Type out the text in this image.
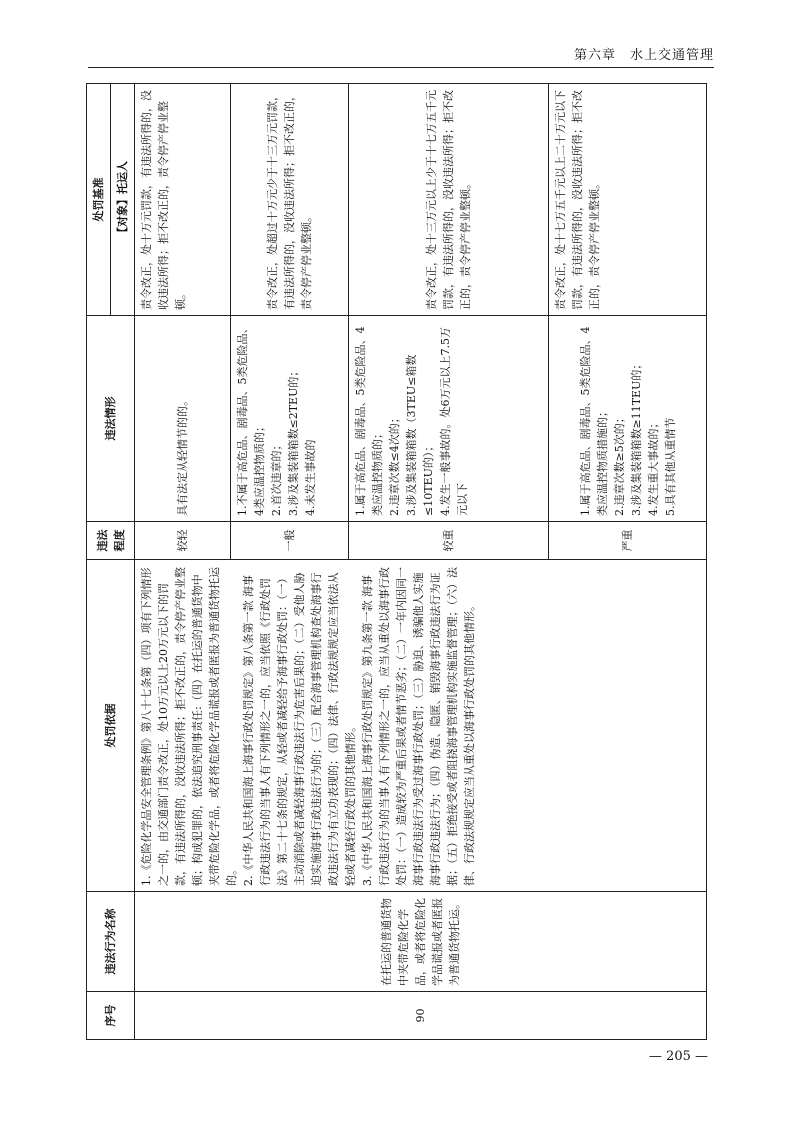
第六章　水上交通管理
序号	违法行为名称	处罚依据	违法程度	违法情形	处罚基准
					【对象】托运人
90	在托运的普通货物中夹带危险化学品，或者将危险化学品谎报或者匿报为普通货物托运。	1.《危险化学品安全管理条例》第八十七条第（四）项有下列情形之一的，由交通部门责令改正，处10万元以上20万元以下的罚款，有违法所得的，没收违法所得；拒不改正的，责令停产停业整顿；构成犯罪的，依法追究刑事责任:（四）在托运的普通货物中夹带危险化学品，或者将危险化学品谎报或者匿报为普通货物托运的。 2.《中华人民共和国海上海事行政处罚规定》第八条第一款 海事行政违法行为的当事人有下列情形之一的，应当依照《行政处罚法》第二十七条的规定，从轻或者减轻给予海事行政处罚：（一）主动消除或者减轻海事行政违法行为危害后果的；（二）受他人胁迫实施海事行政违法行为的；（三）配合海事管理机构查处海事行政违法行为有立功表现的；（四）法律、行政法规规定应当依法从轻或者减轻行政处罚的其他情形。 3.《中华人民共和国海上海事行政处罚规定》第九条第一款 海事行政违法行为的当事人有下列情形之一的，应当从重处以海事行政处罚：（一）造成较为严重后果或者情节恶劣；（二）一年内因同一海事行政违法行为受过海事行政处罚；（三）胁迫、诱骗他人实施海事行政违法行为；（四）伪造、隐匿、销毁海事行政违法行为证据；（五）拒绝接受或者阻挠海事管理机构实施监督管理；（六）法律、行政法规规定应当从重处以海事行政处罚的其他情形。	较轻	具有法定从轻情节的的。	责令改正，处十万元罚款，有违法所得的，没收违法所得；拒不改正的，责令停产停业整顿。
			一般	1.不属于高危品、剧毒品、5类危险品、4类应温控物质的； 2.首次违章的； 3.涉及集装箱箱数≤2TEU的； 4.未发生事故的	责令改正，处超过十万元少于十三万元罚款，有违法所得的，没收违法所得；拒不改正的，责令停产停业整顿。
			较重	1.属于高危品、剧毒品、5类危险品、4类应温控物质的； 2.违章次数≤4次的； 3.涉及集装箱箱数（3TEU≤箱数≤10TEU的）； 4.发生一般事故的。处6万元以上7.5万元以下	责令改正，处十三万元以上少于十七万五千元罚款，有违法所得的，没收违法所得；拒不改正的，责令停产停业整顿。
			严重	1.属于高危品、剧毒品、5类危险品、4类应温控物质措施的； 2.违章次数≥5次的； 3.涉及集装箱箱数≥11TEU的； 4.发生重大事故的； 5.具有其他从重情节	责令改正，处十七万五千元以上二十万元以下罚款，有违法所得的，没收违法所得；拒不改正的，责令停产停业整顿。
— 205 —
